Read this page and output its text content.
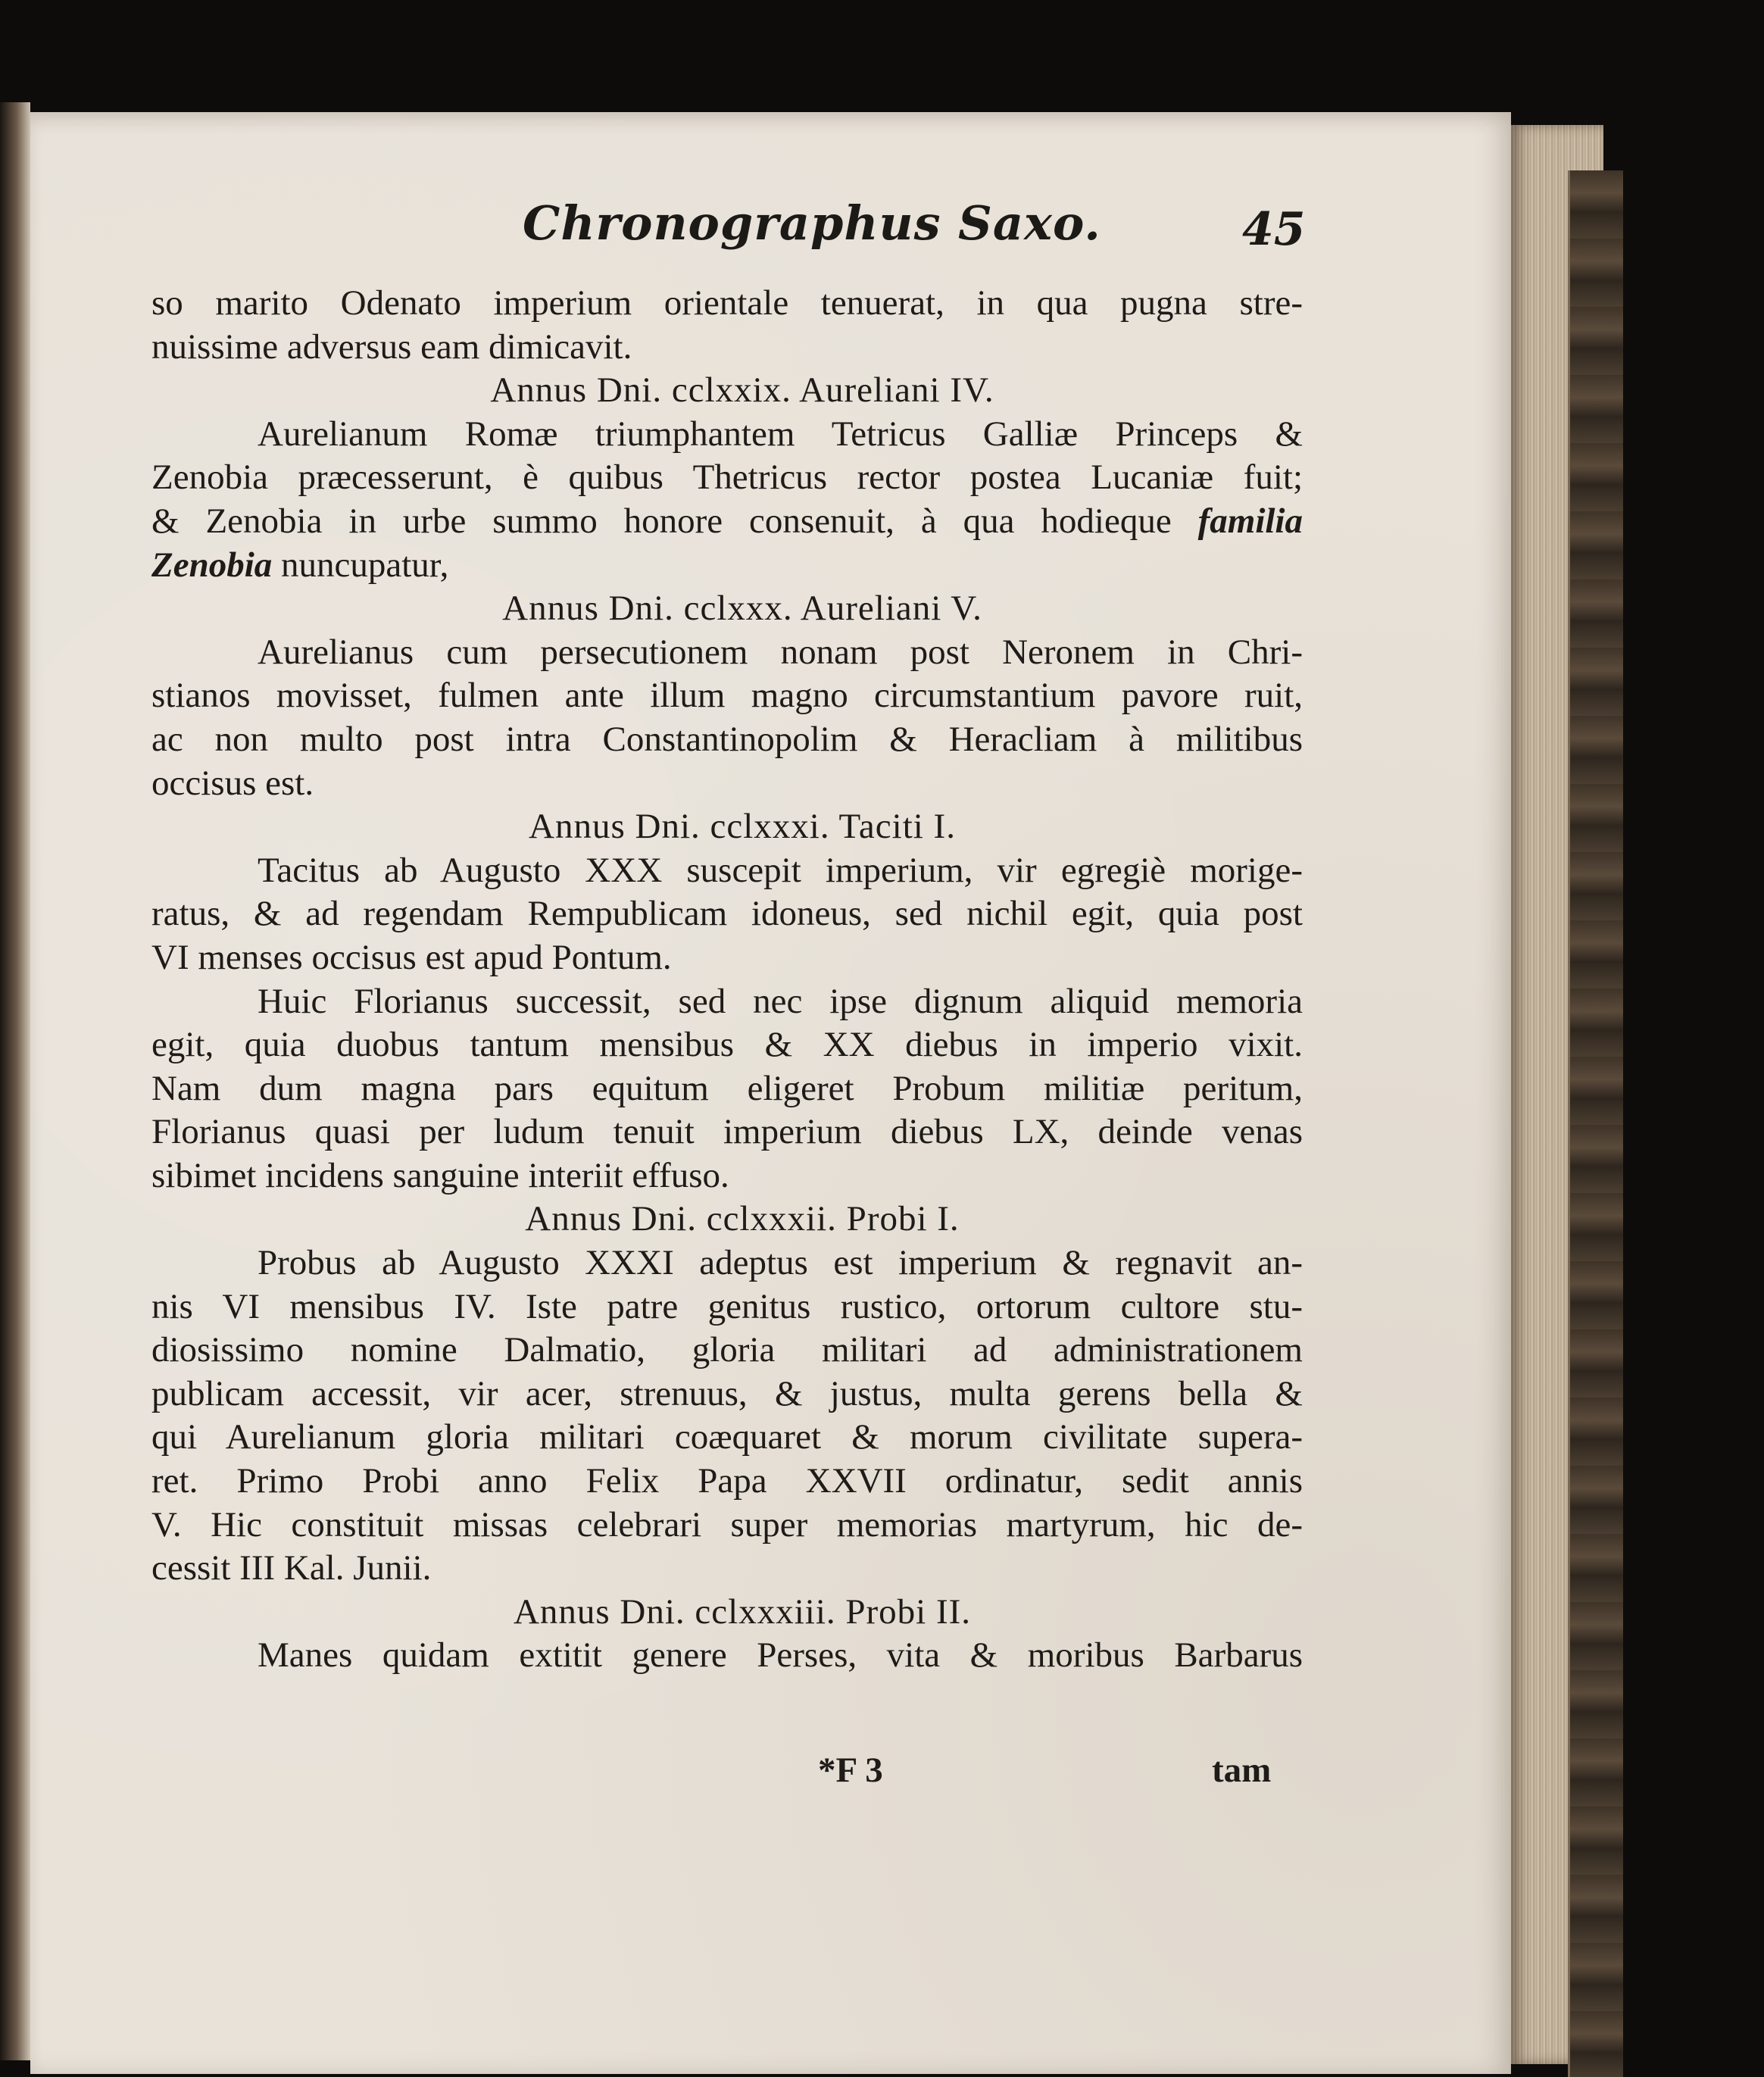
Chronographus Saxo.	45
so marito Odenato imperium orientale tenuerat, in qua pugna stre-
nuissime adversus eam dimicavit.
Annus Dni. cclxxix. Aureliani IV.
Aurelianum Romæ triumphantem Tetricus Galliæ Princeps &
Zenobia præcesserunt, è quibus Thetricus rector postea Lucaniæ fuit;
& Zenobia in urbe summo honore consenuit, à qua hodieque familia
Zenobia nuncupatur,
Annus Dni. cclxxx. Aureliani V.
Aurelianus cum persecutionem nonam post Neronem in Chri-
stianos movisset, fulmen ante illum magno circumstantium pavore ruit,
ac non multo post intra Constantinopolim & Heracliam à militibus
occisus est.
Annus Dni. cclxxxi. Taciti I.
Tacitus ab Augusto XXX suscepit imperium, vir egregiè morige-
ratus, & ad regendam Rempublicam idoneus, sed nichil egit, quia post
VI menses occisus est apud Pontum.
Huic Florianus successit, sed nec ipse dignum aliquid memoria
egit, quia duobus tantum mensibus & XX diebus in imperio vixit.
Nam dum magna pars equitum eligeret Probum militiæ peritum,
Florianus quasi per ludum tenuit imperium diebus LX, deinde venas
sibimet incidens sanguine interiit effuso.
Annus Dni. cclxxxii. Probi I.
Probus ab Augusto XXXI adeptus est imperium & regnavit an-
nis VI mensibus IV. Iste patre genitus rustico, ortorum cultore stu-
diosissimo nomine Dalmatio, gloria militari ad administrationem
publicam accessit, vir acer, strenuus, & justus, multa gerens bella &
qui Aurelianum gloria militari coæquaret & morum civilitate supera-
ret. Primo Probi anno Felix Papa XXVII ordinatur, sedit annis
V. Hic constituit missas celebrari super memorias martyrum, hic de-
cessit III Kal. Junii.
Annus Dni. cclxxxiii. Probi II.
Manes quidam extitit genere Perses, vita & moribus Barbarus
*F 3	tam
